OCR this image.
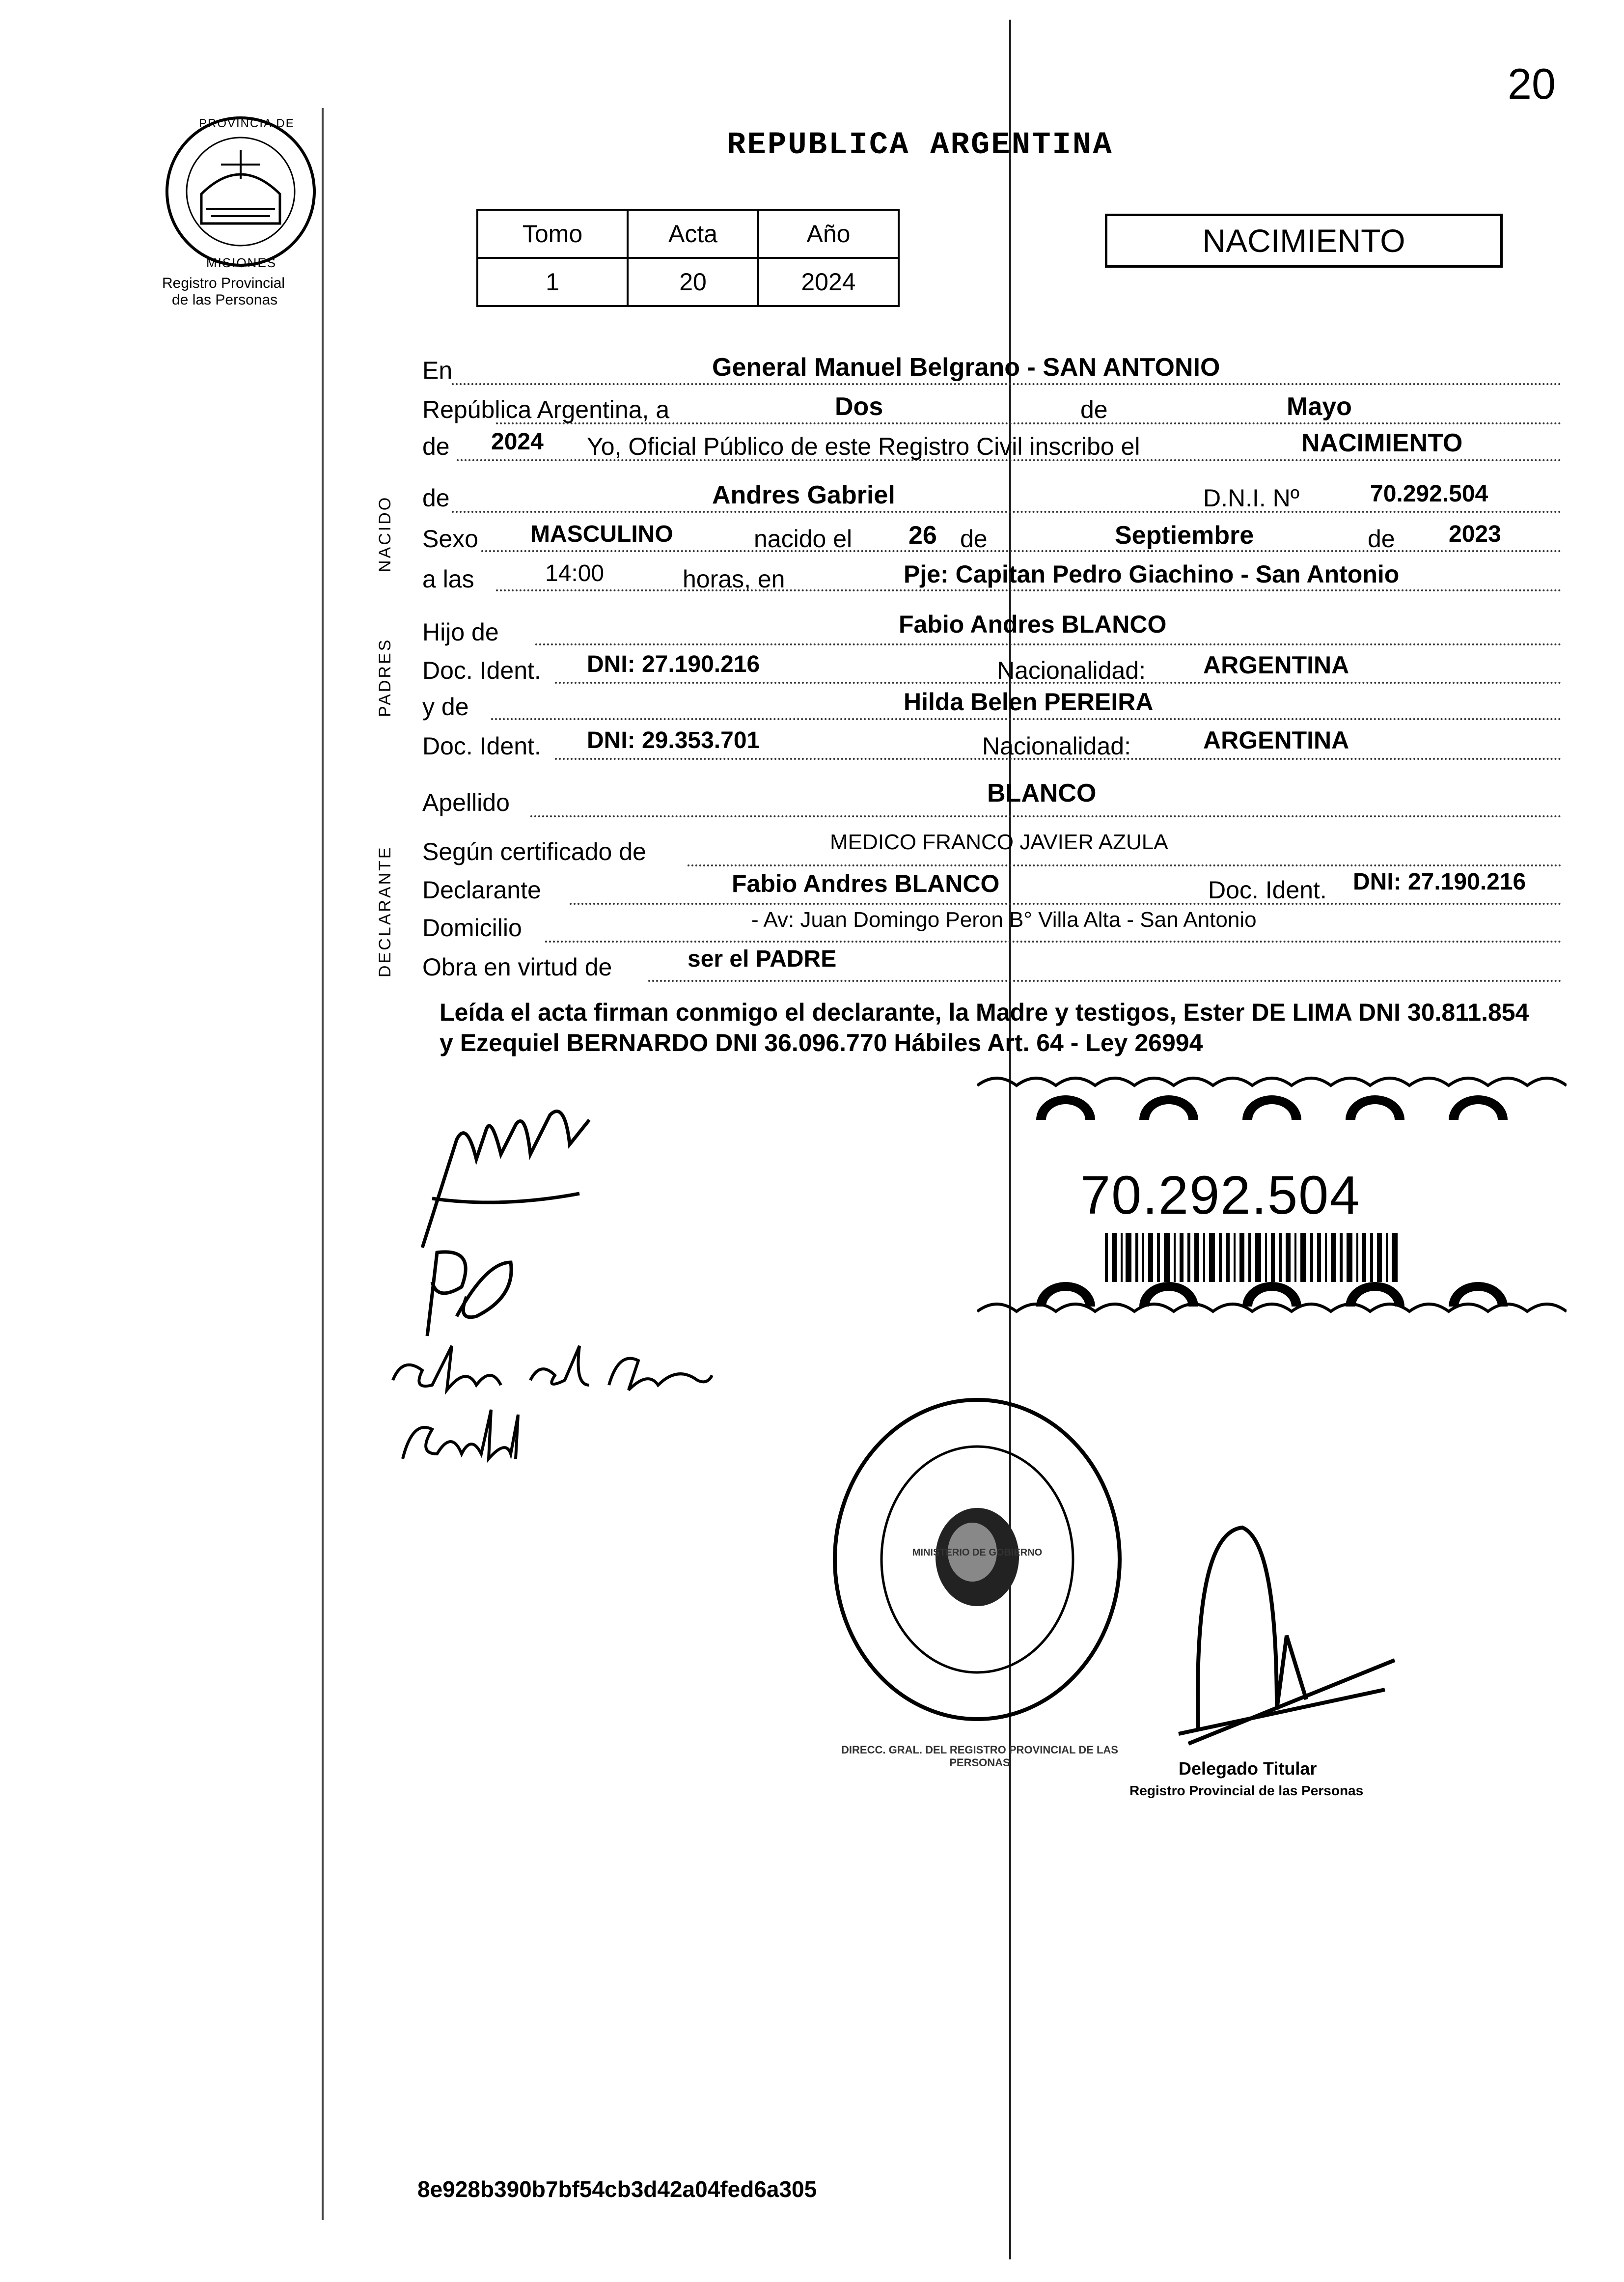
20
PROVINCIA DE
MISIONES
Registro Provincial
de las Personas
REPUBLICA ARGENTINA
Tomo	Acta	Año
1	20	2024
NACIMIENTO
NACIDO
PADRES
DECLARANTE
En	General Manuel Belgrano - SAN ANTONIO
República Argentina, a	Dos	de	Mayo
de 2024 Yo, Oficial Público de este Registro Civil inscribo el	NACIMIENTO
de	Andres Gabriel	D.N.I. Nº	70.292.504
Sexo MASCULINO	nacido el 26 de	Septiembre	de 2023
a las	14:00	horas, en	Pje: Capitan Pedro Giachino - San Antonio
Hijo de	Fabio Andres BLANCO
Doc. Ident. DNI: 27.190.216	Nacionalidad: ARGENTINA
y de	Hilda Belen PEREIRA
Doc. Ident. DNI: 29.353.701	Nacionalidad:	ARGENTINA
Apellido	BLANCO
Según certificado de	MEDICO FRANCO JAVIER AZULA
Declarante	Fabio Andres BLANCO	Doc. Ident. DNI: 27.190.216
Domicilio	- Av: Juan Domingo Peron B° Villa Alta - San Antonio
Obra en virtud de	ser el PADRE
Leída el acta firman conmigo el declarante, la Madre y testigos, Ester DE LIMA DNI 30.811.854 y Ezequiel BERNARDO DNI 36.096.770 Hábiles Art. 64 - Ley 26994
70.292.504
DIRECC. GRAL. DEL REGISTRO PROVINCIAL DE LAS PERSONAS
MINISTERIO DE GOBIERNO
Delegado Titular
Registro Provincial de las Personas
8e928b390b7bf54cb3d42a04fed6a305
